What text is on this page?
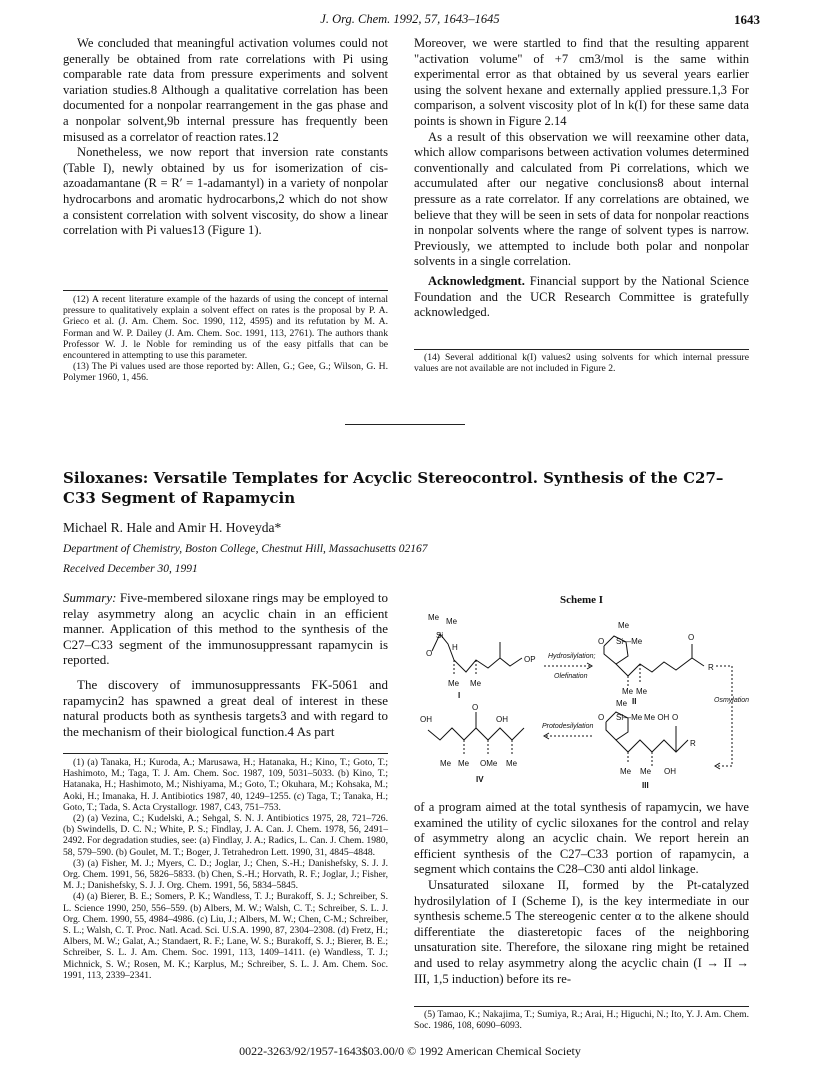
J. Org. Chem. 1992, 57, 1643–1645	1643

We concluded that meaningful activation volumes could not generally be obtained from rate correlations with Pi using comparable rate data from pressure experiments and solvent variation studies.8 Although a qualitative correlation has been documented for a nonpolar rearrangement in the gas phase and a nonpolar solvent,9b internal pressure has frequently been misused as a correlator of reaction rates.12

Nonetheless, we now report that inversion rate constants (Table I), newly obtained by us for isomerization of cis-azoadamantane (R = R′ = 1-adamantyl) in a variety of nonpolar hydrocarbons and aromatic hydrocarbons,2 which do not show a consistent correlation with solvent viscosity, do show a linear correlation with Pi values13 (Figure 1).

(12) A recent literature example of the hazards of using the concept of internal pressure to qualitatively explain a solvent effect on rates is the proposal by P. A. Grieco et al. (J. Am. Chem. Soc. 1990, 112, 4595) and its refutation by M. A. Forman and W. P. Dailey (J. Am. Chem. Soc. 1991, 113, 2761). The authors thank Professor W. J. le Noble for reminding us of the easy pitfalls that can be encountered in attempting to use this parameter.

(13) The Pi values used are those reported by: Allen, G.; Gee, G.; Wilson, G. H. Polymer 1960, 1, 456.

Moreover, we were startled to find that the resulting apparent "activation volume" of +7 cm3/mol is the same within experimental error as that obtained by us several years earlier using the solvent hexane and externally applied pressure.1,3 For comparison, a solvent viscosity plot of ln k(I) for these same data points is shown in Figure 2.14

As a result of this observation we will reexamine other data, which allow comparisons between activation volumes determined conventionally and calculated from Pi correlations, which we accumulated after our negative conclusions8 about internal pressure as a rate correlator. If any correlations are obtained, we believe that they will be seen in sets of data for nonpolar reactions in nonpolar solvents where the range of solvent types is narrow. Previously, we attempted to include both polar and nonpolar solvents in a single correlation.

Acknowledgment. Financial support by the National Science Foundation and the UCR Research Committee is gratefully acknowledged.

(14) Several additional k(I) values2 using solvents for which internal pressure values are not available are not included in Figure 2.

Siloxanes: Versatile Templates for Acyclic Stereocontrol. Synthesis of the C27–C33 Segment of Rapamycin
Michael R. Hale and Amir H. Hoveyda*
Department of Chemistry, Boston College, Chestnut Hill, Massachusetts 02167
Received December 30, 1991
Summary: Five-membered siloxane rings may be employed to relay asymmetry along an acyclic chain in an efficient manner. Application of this method to the synthesis of the C27–C33 segment of the immunosuppressant rapamycin is reported.
The discovery of immunosuppressants FK-5061 and rapamycin2 has spawned a great deal of interest in these natural products both as synthesis targets3 and with regard to the mechanism of their biological function.4 As part

(1) (a) Tanaka, H.; Kuroda, A.; Marusawa, H.; Hatanaka, H.; Kino, T.; Goto, T.; Hashimoto, M.; Taga, T. J. Am. Chem. Soc. 1987, 109, 5031–5033. (b) Kino, T.; Hatanaka, H.; Hashimoto, M.; Nishiyama, M.; Goto, T.; Okuhara, M.; Kohsaka, M.; Aoki, H.; Imanaka, H. J. Antibiotics 1987, 40, 1249–1255. (c) Taga, T.; Tanaka, H.; Goto, T.; Tada, S. Acta Crystallogr. 1987, C43, 751–753.

(2) (a) Vezina, C.; Kudelski, A.; Sehgal, S. N. J. Antibiotics 1975, 28, 721–726. (b) Swindells, D. C. N.; White, P. S.; Findlay, J. A. Can. J. Chem. 1978, 56, 2491–2492. For degradation studies, see: (a) Findlay, J. A.; Radics, L. Can. J. Chem. 1980, 58, 579–590. (b) Goulet, M. T.; Boger, J. Tetrahedron Lett. 1990, 31, 4845–4848.

(3) (a) Fisher, M. J.; Myers, C. D.; Joglar, J.; Chen, S.-H.; Danishefsky, S. J. J. Org. Chem. 1991, 56, 5826–5833. (b) Chen, S.-H.; Horvath, R. F.; Joglar, J.; Fisher, M. J.; Danishefsky, S. J. J. Org. Chem. 1991, 56, 5834–5845.

(4) (a) Bierer, B. E.; Somers, P. K.; Wandless, T. J.; Burakoff, S. J.; Schreiber, S. L. Science 1990, 250, 556–559. (b) Albers, M. W.; Walsh, C. T.; Schreiber, S. L. J. Org. Chem. 1990, 55, 4984–4986. (c) Liu, J.; Albers, M. W.; Chen, C-M.; Schreiber, S. L.; Walsh, C. T. Proc. Natl. Acad. Sci. U.S.A. 1990, 87, 2304–2308. (d) Fretz, H.; Albers, M. W.; Galat, A.; Standaert, R. F.; Lane, W. S.; Burakoff, S. J.; Bierer, B. E.; Schreiber, S. L. J. Am. Chem. Soc. 1991, 113, 1409–1411. (e) Wandless, T. J.; Michnick, S. W.; Rosen, M. K.; Karplus, M.; Schreiber, S. L. J. Am. Chem. Soc. 1991, 113, 2339–2341.

Scheme I
Me Me
Si
O
H
OP
Me Me
I
Hydrosilylation;
Olefination
Me
O Si—Me	O
R
Me Me
II	Osmylation
Me
O Si—Me Me OH O
R
Me Me OH
III
Protodesilylation
OH
O
OH
Me Me OMe Me
IV

of a program aimed at the total synthesis of rapamycin, we have examined the utility of cyclic siloxanes for the control and relay of asymmetry along an acyclic chain. We report herein an efficient synthesis of the C27–C33 portion of rapamycin, a segment which contains the C28–C30 anti aldol linkage.

Unsaturated siloxane II, formed by the Pt-catalyzed hydrosilylation of I (Scheme I), is the key intermediate in our synthesis scheme.5 The stereogenic center α to the alkene should differentiate the diasteretopic faces of the neighboring unsaturation site. Therefore, the siloxane ring might be retained and used to relay asymmetry along the acyclic chain (I → II → III, 1,5 induction) before its re-

(5) Tamao, K.; Nakajima, T.; Sumiya, R.; Arai, H.; Higuchi, N.; Ito, Y. J. Am. Chem. Soc. 1986, 108, 6090–6093.

0022-3263/92/1957-1643$03.00/0 © 1992 American Chemical Society
